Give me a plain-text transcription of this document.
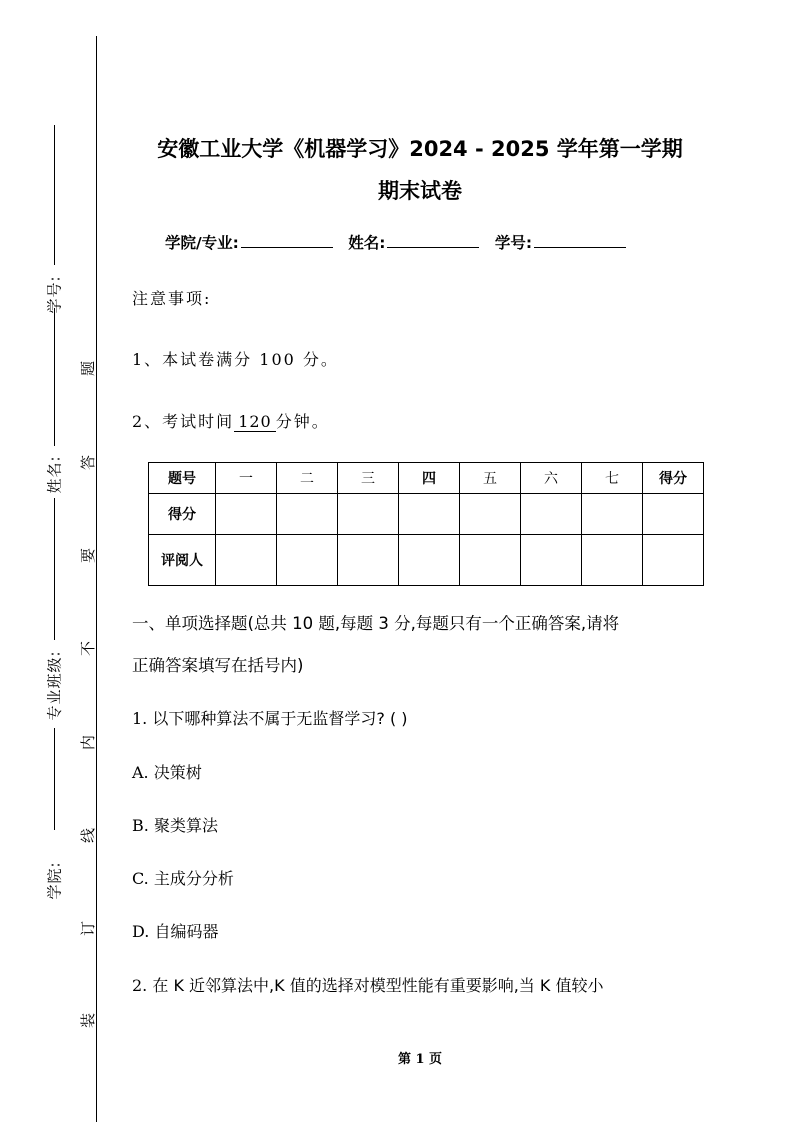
学号:
姓名:
专业班级:
学院:
题
答
要
不
内
线
订
装
安徽工业大学《机器学习》2024 - 2025 学年第一学期
期末试卷
学院/专业:	姓名:	学号:
注意事项:
1、本试卷满分 100 分。
2、考试时间 120 分钟。
题号	一	二	三	四	五	六	七	得分
得分								
评阅人								
一、单项选择题(总共 10 题,每题 3 分,每题只有一个正确答案,请将
正确答案填写在括号内)
1. 以下哪种算法不属于无监督学习? ( )
A. 决策树
B. 聚类算法
C. 主成分分析
D. 自编码器
2. 在 K 近邻算法中,K 值的选择对模型性能有重要影响,当 K 值较小
第 1 页
